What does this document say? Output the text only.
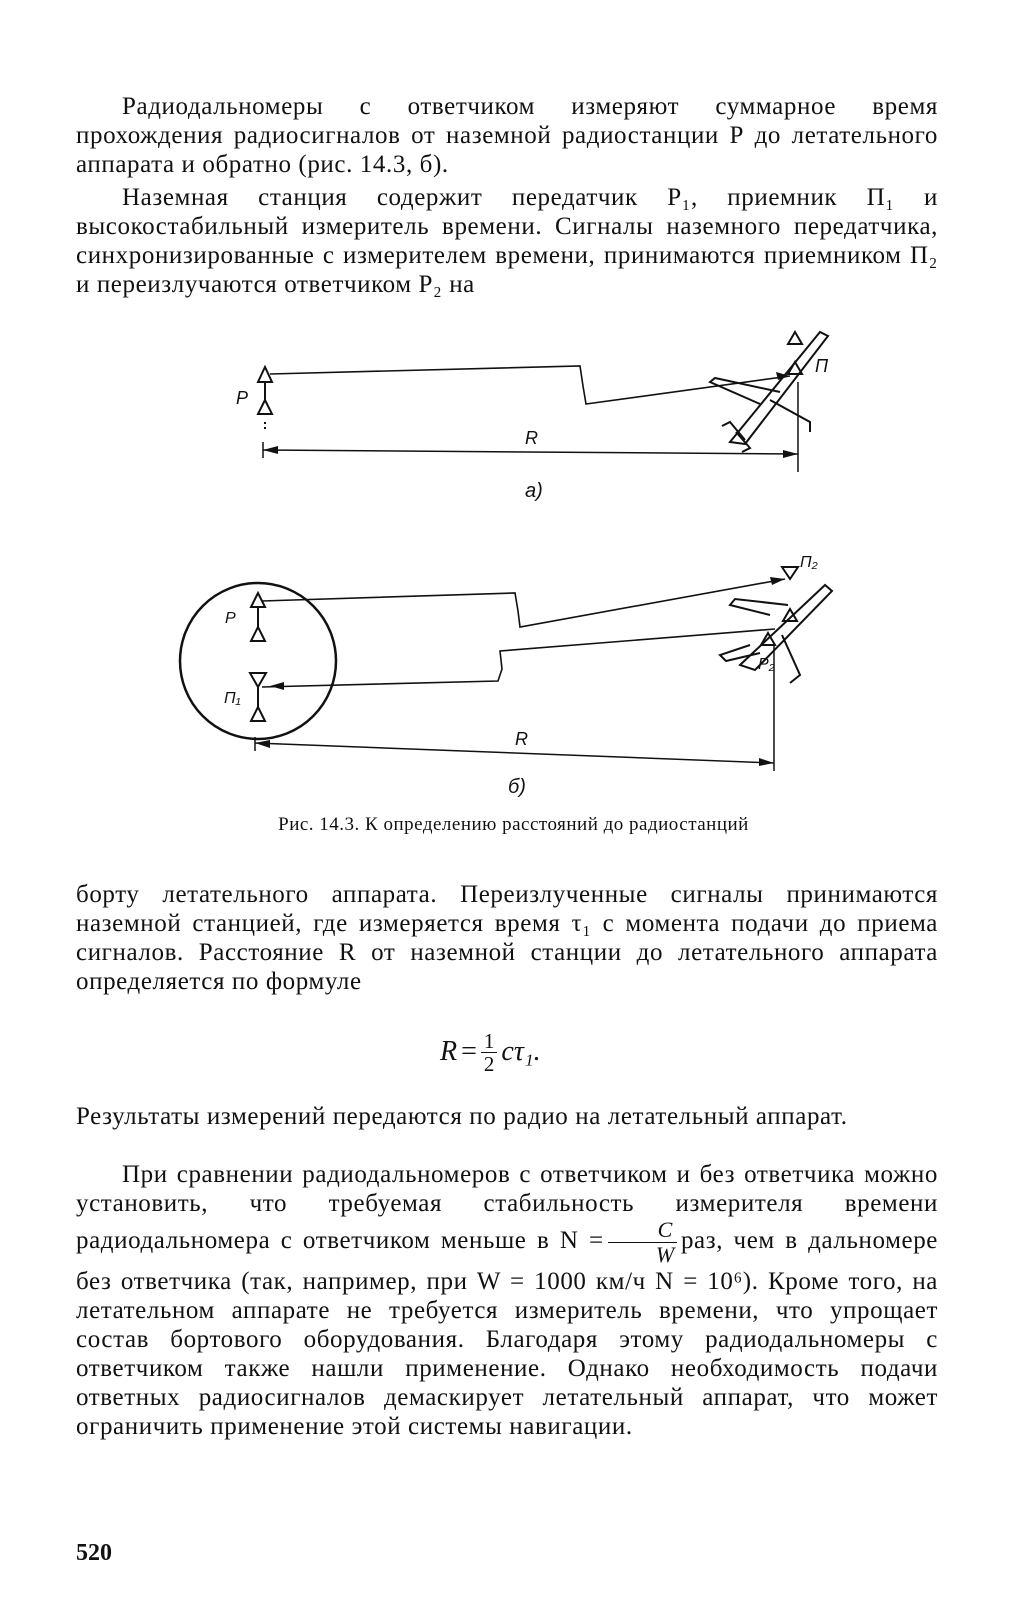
Радиодальномеры с ответчиком измеряют суммарное время прохождения радиосигналов от наземной радиостанции Р до летательного аппарата и обратно (рис. 14.3, б).

Наземная станция содержит передатчик Р₁, приемник П₁ и высокостабильный измеритель времени. Сигналы наземного передатчика, синхронизированные с измерителем времени, принимаются приемником П₂ и переизлучаются ответчиком Р₂ на

P
П
R
а)
P
П₁
П₂
P₂
R
б)
Рис. 14.3. К определению расстояний до радиостанций

борту летательного аппарата. Переизлученные сигналы принимаются наземной станцией, где измеряется время τ₁ с момента подачи до приема сигналов. Расстояние R от наземной станции до летательного аппарата определяется по формуле

$R = \frac{1}{2} c\tau_1$.

Результаты измерений передаются по радио на летательный аппарат.

При сравнении радиодальномеров с ответчиком и без ответчика можно установить, что требуемая стабильность измерителя времени радиодальномера с ответчиком меньше в $N = \frac{C}{W}$ раз, чем в дальномере без ответчика (так, например, при W = 1000 км/ч N = 10⁶). Кроме того, на летательном аппарате не требуется измеритель времени, что упрощает состав бортового оборудования. Благодаря этому радиодальномеры с ответчиком также нашли применение. Однако необходимость подачи ответных радиосигналов демаскирует летательный аппарат, что может ограничить применение этой системы навигации.

520
